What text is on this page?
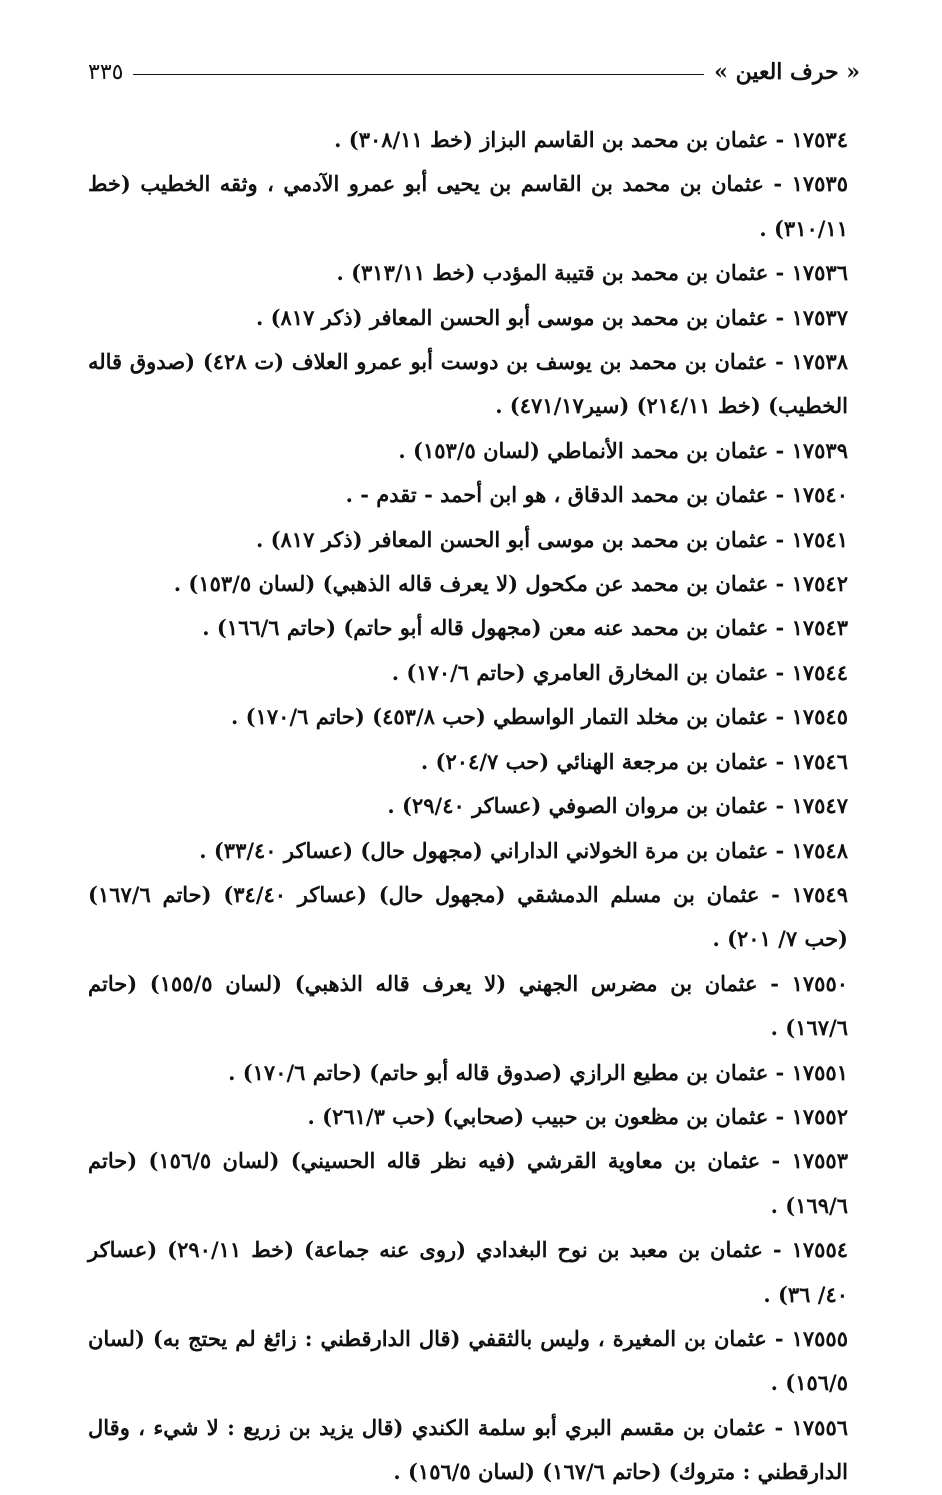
« حرف العين »
٣٣٥

١٧٥٣٤ - عثمان بن محمد بن القاسم البزاز (خط ٣٠٨/١١) .

١٧٥٣٥ - عثمان بن محمد بن القاسم بن يحيى أبو عمرو الآدمي ، وثقه الخطيب (خط ٣١٠/١١) .

١٧٥٣٦ - عثمان بن محمد بن قتيبة المؤدب (خط ٣١٣/١١) .

١٧٥٣٧ - عثمان بن محمد بن موسى أبو الحسن المعافر (ذكر ٨١٧) .

١٧٥٣٨ - عثمان بن محمد بن يوسف بن دوست أبو عمرو العلاف (ت ٤٢٨) (صدوق قاله الخطيب) (خط ٢١٤/١١) (سير٤٧١/١٧) .

١٧٥٣٩ - عثمان بن محمد الأنماطي (لسان ١٥٣/٥) .

١٧٥٤٠ - عثمان بن محمد الدقاق ، هو ابن أحمد - تقدم - .

١٧٥٤١ - عثمان بن محمد بن موسى أبو الحسن المعافر (ذكر ٨١٧) .

١٧٥٤٢ - عثمان بن محمد عن مكحول (لا يعرف قاله الذهبي) (لسان ١٥٣/٥) .

١٧٥٤٣ - عثمان بن محمد عنه معن (مجهول قاله أبو حاتم) (حاتم ١٦٦/٦) .

١٧٥٤٤ - عثمان بن المخارق العامري (حاتم ١٧٠/٦) .

١٧٥٤٥ - عثمان بن مخلد التمار الواسطي (حب ٤٥٣/٨) (حاتم ١٧٠/٦) .

١٧٥٤٦ - عثمان بن مرجعة الهنائي (حب ٢٠٤/٧) .

١٧٥٤٧ - عثمان بن مروان الصوفي (عساكر ٢٩/٤٠) .

١٧٥٤٨ - عثمان بن مرة الخولاني الداراني (مجهول حال) (عساكر ٣٣/٤٠) .

١٧٥٤٩ - عثمان بن مسلم الدمشقي (مجهول حال) (عساكر ٣٤/٤٠) (حاتم ١٦٧/٦) (حب ٧/ ٢٠١) .

١٧٥٥٠ - عثمان بن مضرس الجهني (لا يعرف قاله الذهبي) (لسان ١٥٥/٥) (حاتم ١٦٧/٦) .

١٧٥٥١ - عثمان بن مطيع الرازي (صدوق قاله أبو حاتم) (حاتم ١٧٠/٦) .

١٧٥٥٢ - عثمان بن مظعون بن حبيب (صحابي) (حب ٢٦١/٣) .

١٧٥٥٣ - عثمان بن معاوية القرشي (فيه نظر قاله الحسيني) (لسان ١٥٦/٥) (حاتم ١٦٩/٦) .

١٧٥٥٤ - عثمان بن معبد بن نوح البغدادي (روى عنه جماعة) (خط ٢٩٠/١١) (عساكر ٤٠/ ٣٦) .

١٧٥٥٥ - عثمان بن المغيرة ، وليس بالثقفي (قال الدارقطني : زائغ لم يحتج به) (لسان ١٥٦/٥) .

١٧٥٥٦ - عثمان بن مقسم البري أبو سلمة الكندي (قال يزيد بن زريع : لا شيء ، وقال الدارقطني : متروك) (حاتم ١٦٧/٦) (لسان ١٥٦/٥) .
